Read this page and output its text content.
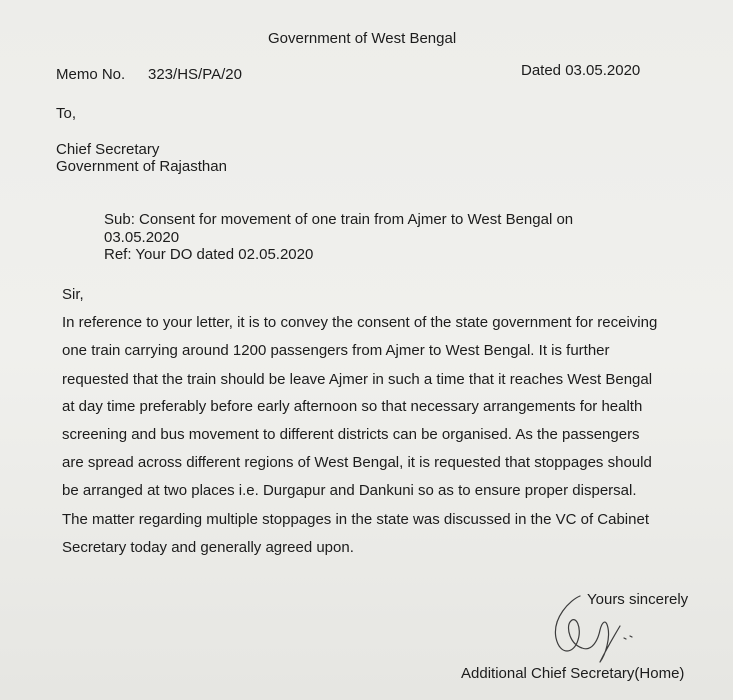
Government of West Bengal
Memo No. 323/HS/PA/20	Dated 03.05.2020
To,
Chief Secretary
Government of Rajasthan
Sub: Consent for movement of one train from Ajmer to West Bengal on
03.05.2020
Ref: Your DO dated 02.05.2020
Sir,
In reference to your letter, it is to convey the consent of the state government for receiving
one train carrying around 1200 passengers from Ajmer to West Bengal. It is further
requested that the train should be leave Ajmer in such a time that it reaches West Bengal
at day time preferably before early afternoon so that necessary arrangements for health
screening and bus movement to different districts can be organised. As the passengers
are spread across different regions of West Bengal, it is requested that stoppages should
be arranged at two places i.e. Durgapur and Dankuni so as to ensure proper dispersal.
The matter regarding multiple stoppages in the state was discussed in the VC of Cabinet
Secretary today and generally agreed upon.
Yours sincerely
Additional Chief Secretary(Home)
